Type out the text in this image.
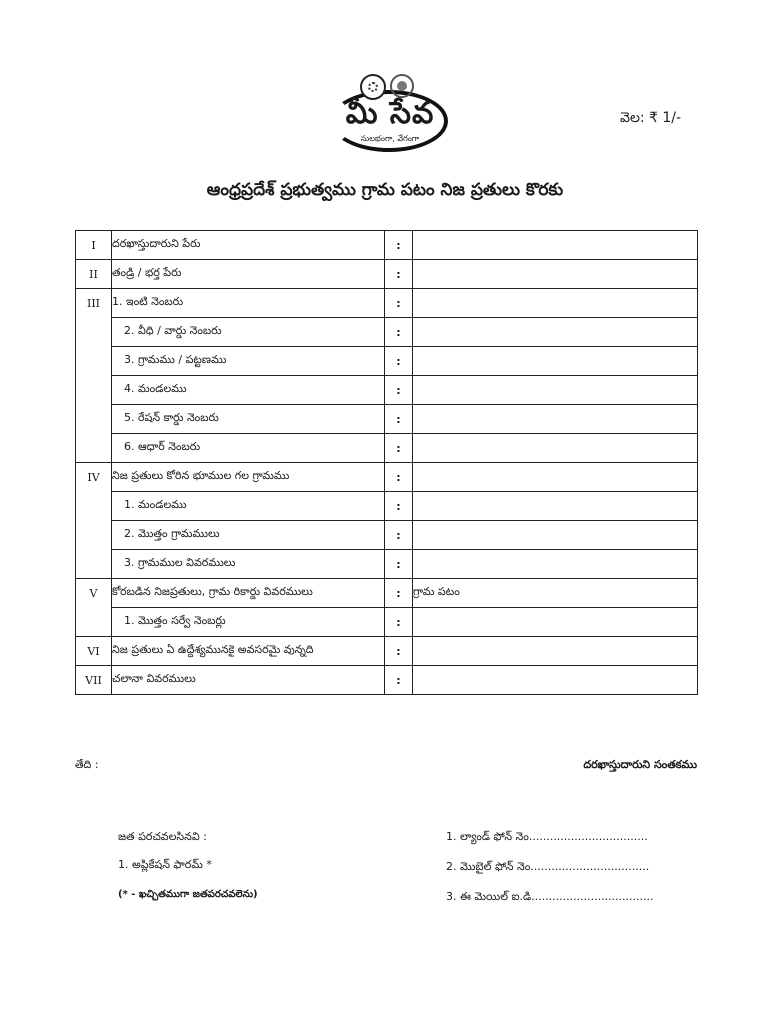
మీ సేవ
సులభంగా, వేగంగా
వెల: ₹ 1/-
ఆంధ్రప్రదేశ్ ప్రభుత్వము గ్రామ పటం నిజ ప్రతులు కొరకు
I	దరఖాస్తుదారుని పేరు	:	
II	తండ్రి / భర్త పేరు	:	
III	1. ఇంటి నెంబరు	:	
	2. వీధి / వార్డు నెంబరు	:	
	3. గ్రామము / పట్టణము	:	
	4. మండలము	:	
	5. రేషన్ కార్డు నెంబరు	:	
	6. ఆధార్ నెంబరు	:	
IV	నిజ ప్రతులు కోరిన భూముల గల గ్రామము	:	
	1. మండలము	:	
	2. మొత్తం గ్రామములు	:	
	3. గ్రామముల వివరములు	:	
V	కోరబడిన నిజప్రతులు, గ్రామ రికార్డు వివరములు	:	గ్రామ పటం
	1. మొత్తం సర్వే నెంబర్లు	:	
VI	నిజ ప్రతులు ఏ ఉద్దేశ్యమునకై అవసరమై వున్నది	:	
VII	చలానా వివరములు	:	
తేది :	దరఖాస్తుదారుని సంతకము
జత పరచవలసినవి :
1. అప్లికేషన్ ఫారమ్ *
(* - ఖచ్చితముగా జతపరచవలెను)
1. ల్యాండ్ ఫోన్ నెం..................................
2. మొబైల్ ఫోన్ నెం..................................
3. ఈ మెయిల్ ఐ.డి...................................
